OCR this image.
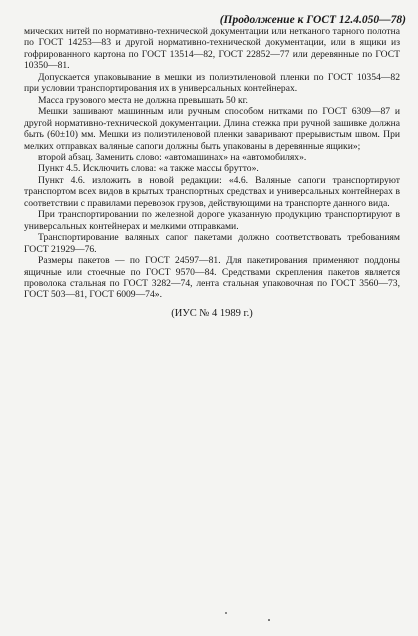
(Продолжение к ГОСТ 12.4.050—78)

мических нитей по нормативно-технической документации или нетканого тарного полотна по ГОСТ 14253—83 и другой нормативно-технической документации, или в ящики из гофрированного картона по ГОСТ 13514—82, ГОСТ 22852—77 или деревянные по ГОСТ 10350—81.

Допускается упаковывание в мешки из полиэтиленовой пленки по ГОСТ 10354—82 при условии транспортирования их в универсальных контейнерах.

Масса грузового места не должна превышать 50 кг.

Мешки зашивают машинным или ручным способом нитками по ГОСТ 6309—87 и другой нормативно-технической документации. Длина стежка при ручной зашивке должна быть (60±10) мм. Мешки из полиэтиленовой пленки заваривают прерывистым швом. При мелких отправках валяные сапоги должны быть упакованы в деревянные ящики»;

второй абзац. Заменить слово: «автомашинах» на «автомобилях».

Пункт 4.5. Исключить слова: «а также массы брутто».

Пункт 4.6. изложить в новой редакции: «4.6. Валяные сапоги транспортируют транспортом всех видов в крытых транспортных средствах и универсальных контейнерах в соответствии с правилами перевозок грузов, действующими на транспорте данного вида.

При транспортировании по железной дороге указанную продукцию транспортируют в универсальных контейнерах и мелкими отправками.

Транспортирование валяных сапог пакетами должно соответствовать требованиям ГОСТ 21929—76.

Размеры пакетов — по ГОСТ 24597—81. Для пакетирования применяют поддоны ящичные или стоечные по ГОСТ 9570—84. Средствами скрепления пакетов является проволока стальная по ГОСТ 3282—74, лента стальная упаковочная по ГОСТ 3560—73, ГОСТ 503—81, ГОСТ 6009—74».

(ИУС № 4 1989 г.)
